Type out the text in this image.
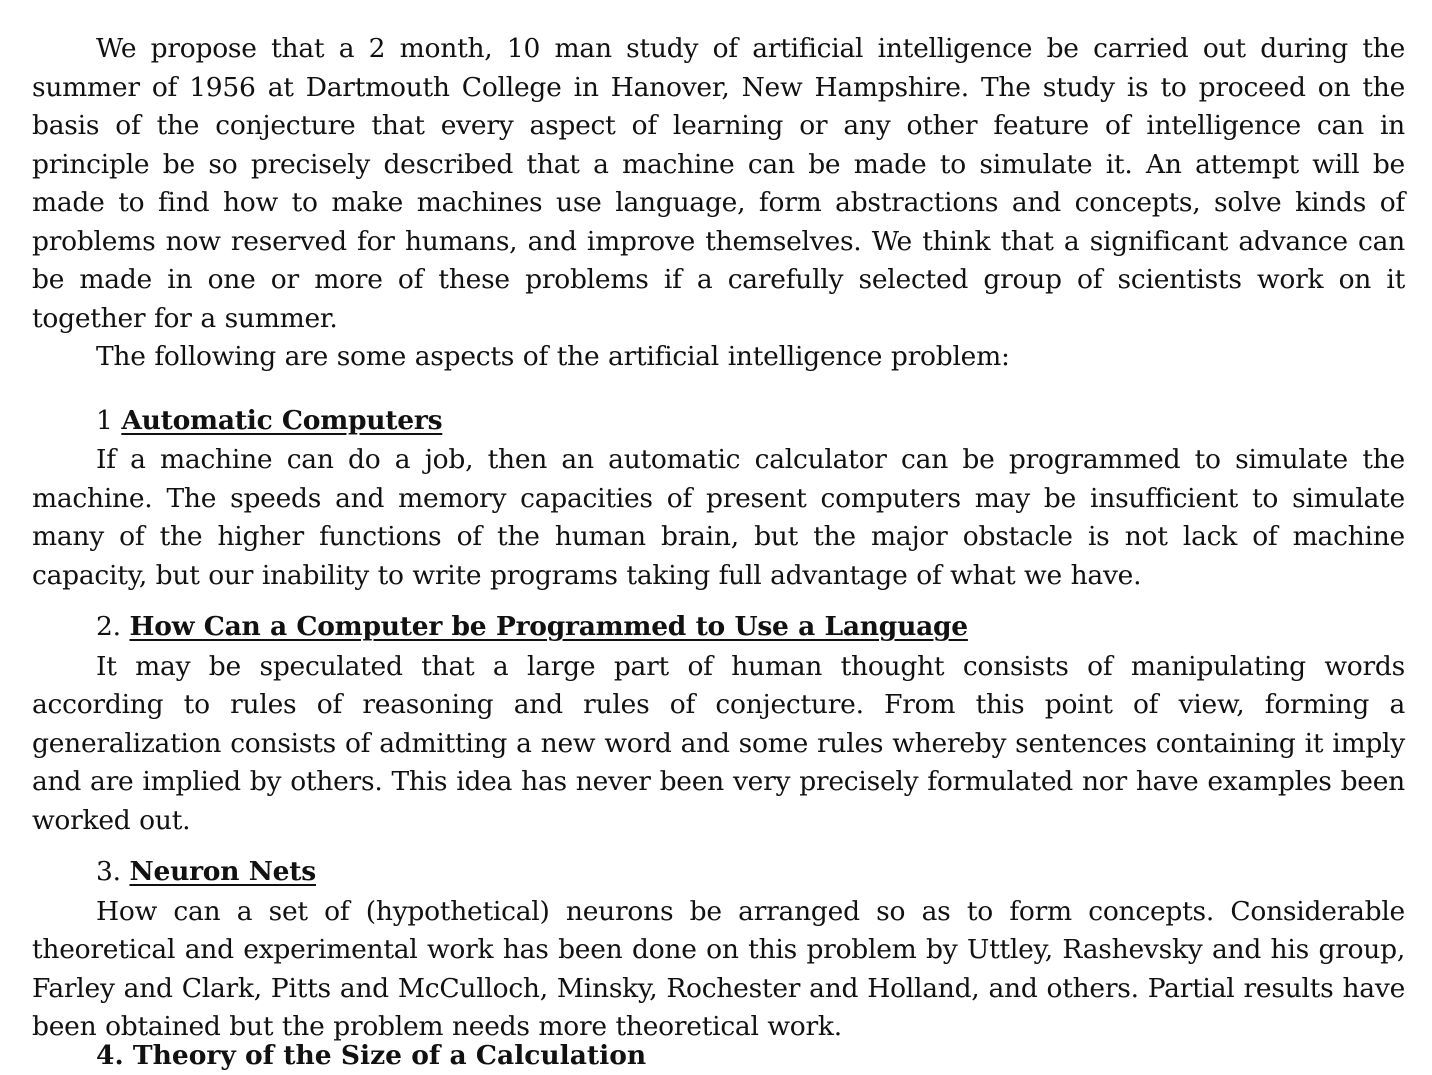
We propose that a 2 month, 10 man study of artificial intelligence be carried out during the summer of 1956 at Dartmouth College in Hanover, New Hampshire. The study is to proceed on the basis of the conjecture that every aspect of learning or any other feature of intelligence can in principle be so precisely described that a machine can be made to simulate it. An attempt will be made to find how to make machines use language, form abstractions and concepts, solve kinds of problems now reserved for humans, and improve themselves. We think that a significant advance can be made in one or more of these problems if a carefully selected group of scientists work on it together for a summer.

The following are some aspects of the artificial intelligence problem:

1 Automatic Computers

If a machine can do a job, then an automatic calculator can be programmed to simulate the machine. The speeds and memory capacities of present computers may be insufficient to simulate many of the higher functions of the human brain, but the major obstacle is not lack of machine capacity, but our inability to write programs taking full advantage of what we have.

2. How Can a Computer be Programmed to Use a Language

It may be speculated that a large part of human thought consists of manipulating words according to rules of reasoning and rules of conjecture. From this point of view, forming a generalization consists of admitting a new word and some rules whereby sentences containing it imply and are implied by others. This idea has never been very precisely formulated nor have examples been worked out.

3. Neuron Nets

How can a set of (hypothetical) neurons be arranged so as to form concepts. Considerable theoretical and experimental work has been done on this problem by Uttley, Rashevsky and his group, Farley and Clark, Pitts and McCulloch, Minsky, Rochester and Holland, and others. Partial results have been obtained but the problem needs more theoretical work.

4. Theory of the Size of a Calculation
